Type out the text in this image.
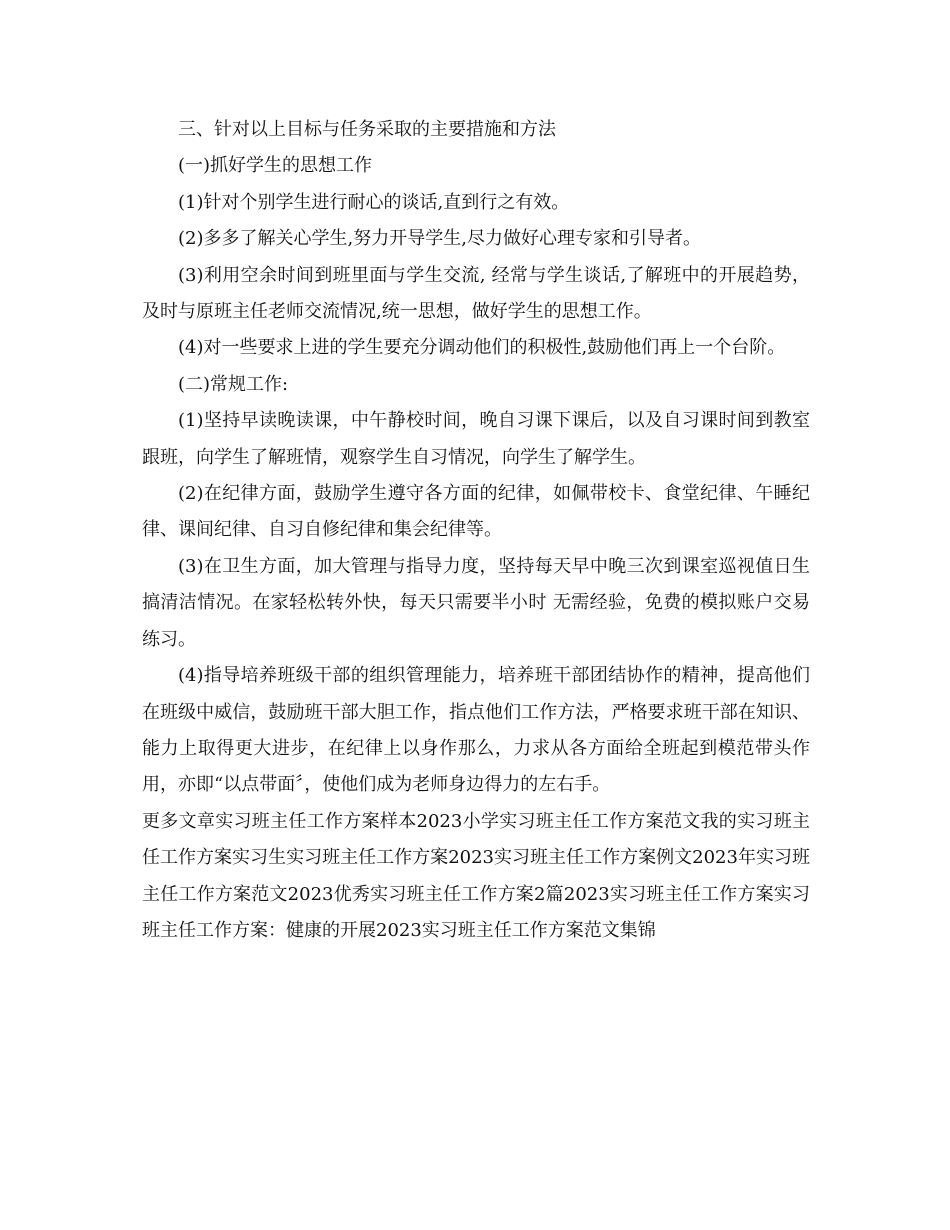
三、针对以上目标与任务采取的主要措施和方法

(一)抓好学生的思想工作

(1)针对个别学生进行耐心的谈话,直到行之有效。

(2)多多了解关心学生,努力开导学生,尽力做好心理专家和引导者。

(3)利用空余时间到班里面与学生交流, 经常与学生谈话,了解班中的开展趋势，及时与原班主任老师交流情况,统一思想，做好学生的思想工作。

(4)对一些要求上进的学生要充分调动他们的积极性,鼓励他们再上一个台阶。

(二)常规工作:

(1)坚持早读晚读课，中午静校时间，晚自习课下课后，以及自习课时间到教室跟班，向学生了解班情，观察学生自习情况，向学生了解学生。

(2)在纪律方面，鼓励学生遵守各方面的纪律，如佩带校卡、食堂纪律、午睡纪律、课间纪律、自习自修纪律和集会纪律等。

(3)在卫生方面，加大管理与指导力度，坚持每天早中晚三次到课室巡视值日生搞清洁情况。在家轻松转外快，每天只需要半小时 无需经验，免费的模拟账户交易练习。

(4)指导培养班级干部的组织管理能力，培养班干部团结协作的精神，提高他们在班级中威信，鼓励班干部大胆工作，指点他们工作方法，严格要求班干部在知识、能力上取得更大进步，在纪律上以身作那么，力求从各方面给全班起到模范带头作用，亦即“以点带面〞，使他们成为老师身边得力的左右手。

更多文章实习班主任工作方案样本2023小学实习班主任工作方案范文我的实习班主任工作方案实习生实习班主任工作方案2023实习班主任工作方案例文2023年实习班主任工作方案范文2023优秀实习班主任工作方案2篇2023实习班主任工作方案实习班主任工作方案：健康的开展2023实习班主任工作方案范文集锦
